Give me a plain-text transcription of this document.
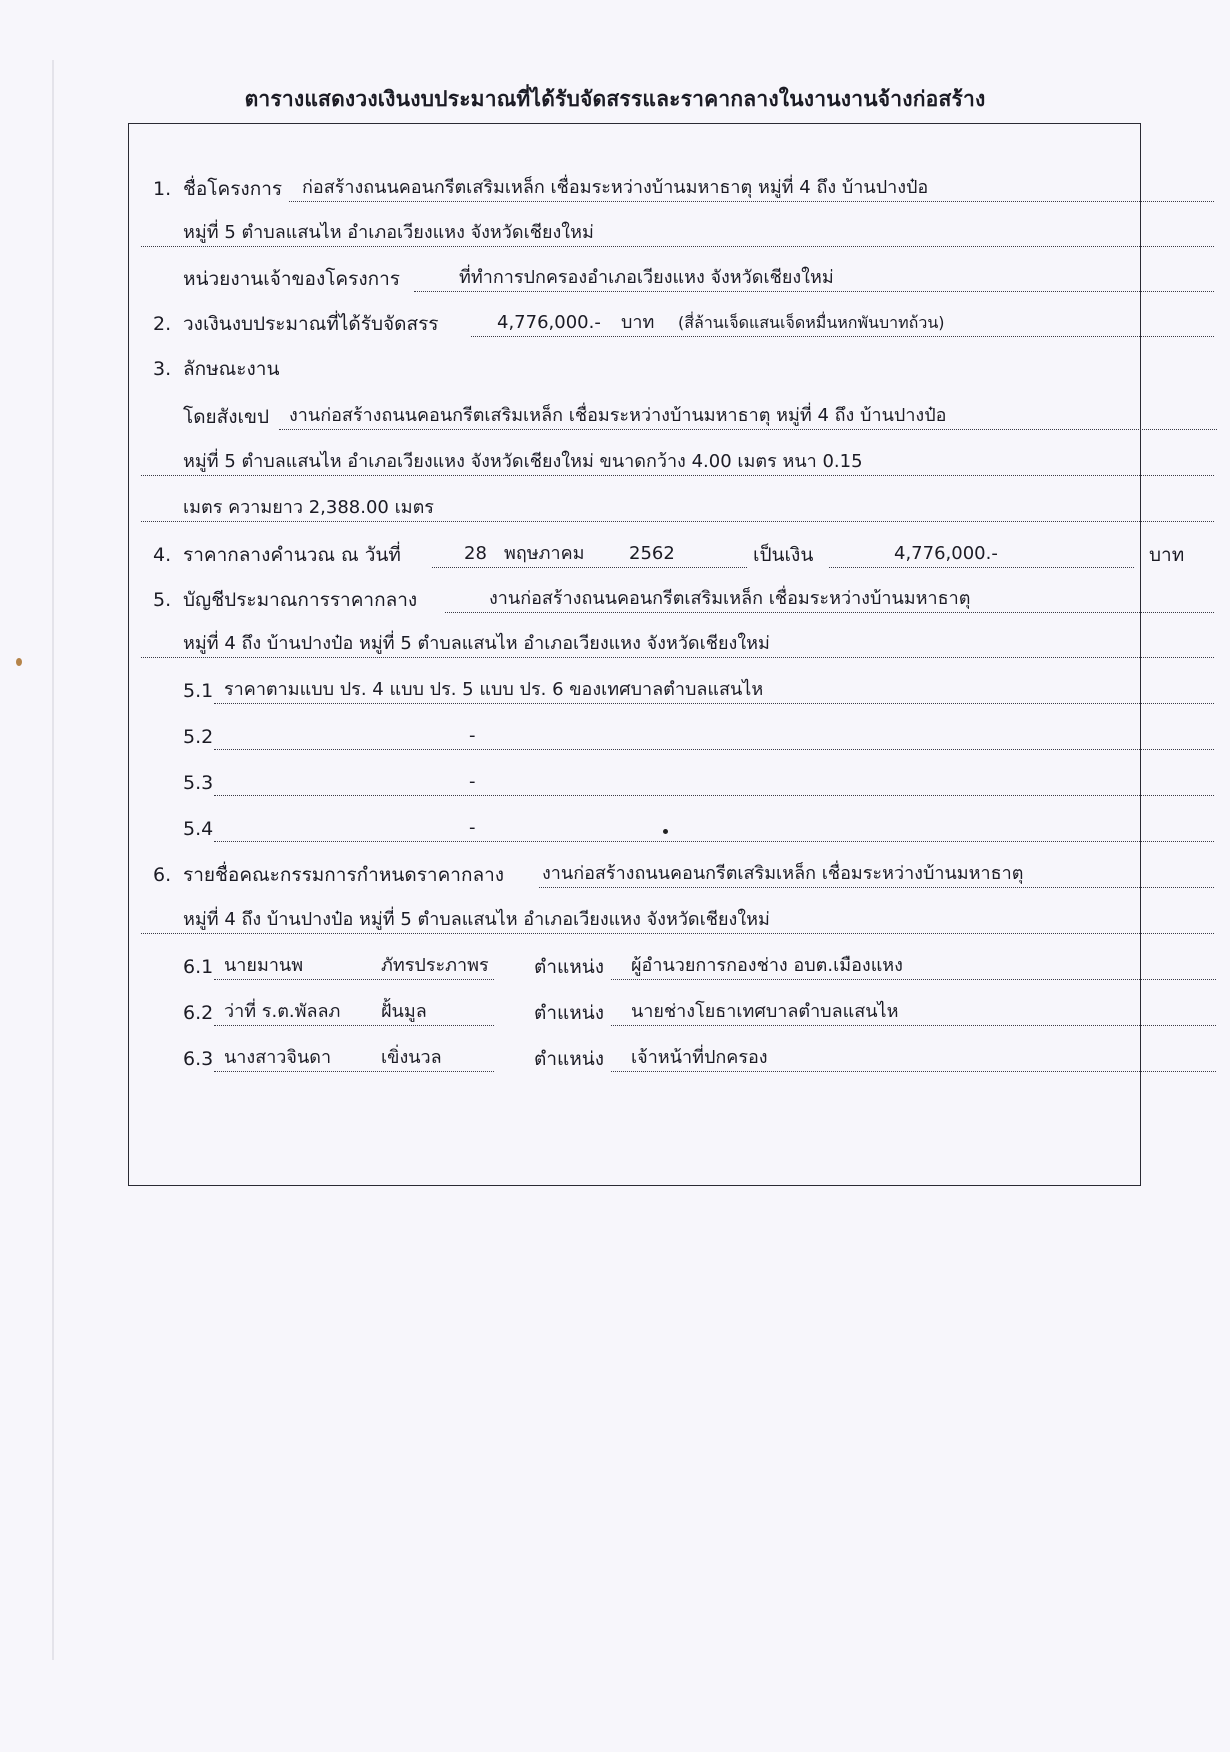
ตารางแสดงวงเงินงบประมาณที่ได้รับจัดสรรและราคากลางในงานงานจ้างก่อสร้าง
1. ชื่อโครงการ ก่อสร้างถนนคอนกรีตเสริมเหล็ก เชื่อมระหว่างบ้านมหาธาตุ หมู่ที่ 4 ถึง บ้านปางป๋อ
หมู่ที่ 5 ตำบลแสนไห อำเภอเวียงแหง จังหวัดเชียงใหม่
หน่วยงานเจ้าของโครงการ	ที่ทำการปกครองอำเภอเวียงแหง จังหวัดเชียงใหม่
2. วงเงินงบประมาณที่ได้รับจัดสรร	4,776,000.- บาท (สี่ล้านเจ็ดแสนเจ็ดหมื่นหกพันบาทถ้วน)
3. ลักษณะงาน
โดยสังเขป งานก่อสร้างถนนคอนกรีตเสริมเหล็ก เชื่อมระหว่างบ้านมหาธาตุ หมู่ที่ 4 ถึง บ้านปางป๋อ
หมู่ที่ 5 ตำบลแสนไห อำเภอเวียงแหง จังหวัดเชียงใหม่ ขนาดกว้าง 4.00 เมตร หนา 0.15
เมตร ความยาว 2,388.00 เมตร
4. ราคากลางคำนวณ ณ วันที่	28 พฤษภาคม 2562	เป็นเงิน	4,776,000.-	บาท
5. บัญชีประมาณการราคากลาง	งานก่อสร้างถนนคอนกรีตเสริมเหล็ก เชื่อมระหว่างบ้านมหาธาตุ
หมู่ที่ 4 ถึง บ้านปางป๋อ หมู่ที่ 5 ตำบลแสนไห อำเภอเวียงแหง จังหวัดเชียงใหม่
5.1 ราคาตามแบบ ปร. 4 แบบ ปร. 5 แบบ ปร. 6 ของเทศบาลตำบลแสนไห
5.2	-
5.3	-
5.4	-
6. รายชื่อคณะกรรมการกำหนดราคากลาง งานก่อสร้างถนนคอนกรีตเสริมเหล็ก เชื่อมระหว่างบ้านมหาธาตุ
หมู่ที่ 4 ถึง บ้านปางป๋อ หมู่ที่ 5 ตำบลแสนไห อำเภอเวียงแหง จังหวัดเชียงใหม่
6.1 นายมานพ	ภัทรประภาพร ตำแหน่ง ผู้อำนวยการกองช่าง อบต.เมืองแหง
6.2 ว่าที่ ร.ต.พัลลภ ฝั้นมูล	ตำแหน่ง นายช่างโยธาเทศบาลตำบลแสนไห
6.3 นางสาวจินดา	เขิ่งนวล	ตำแหน่ง เจ้าหน้าที่ปกครอง
